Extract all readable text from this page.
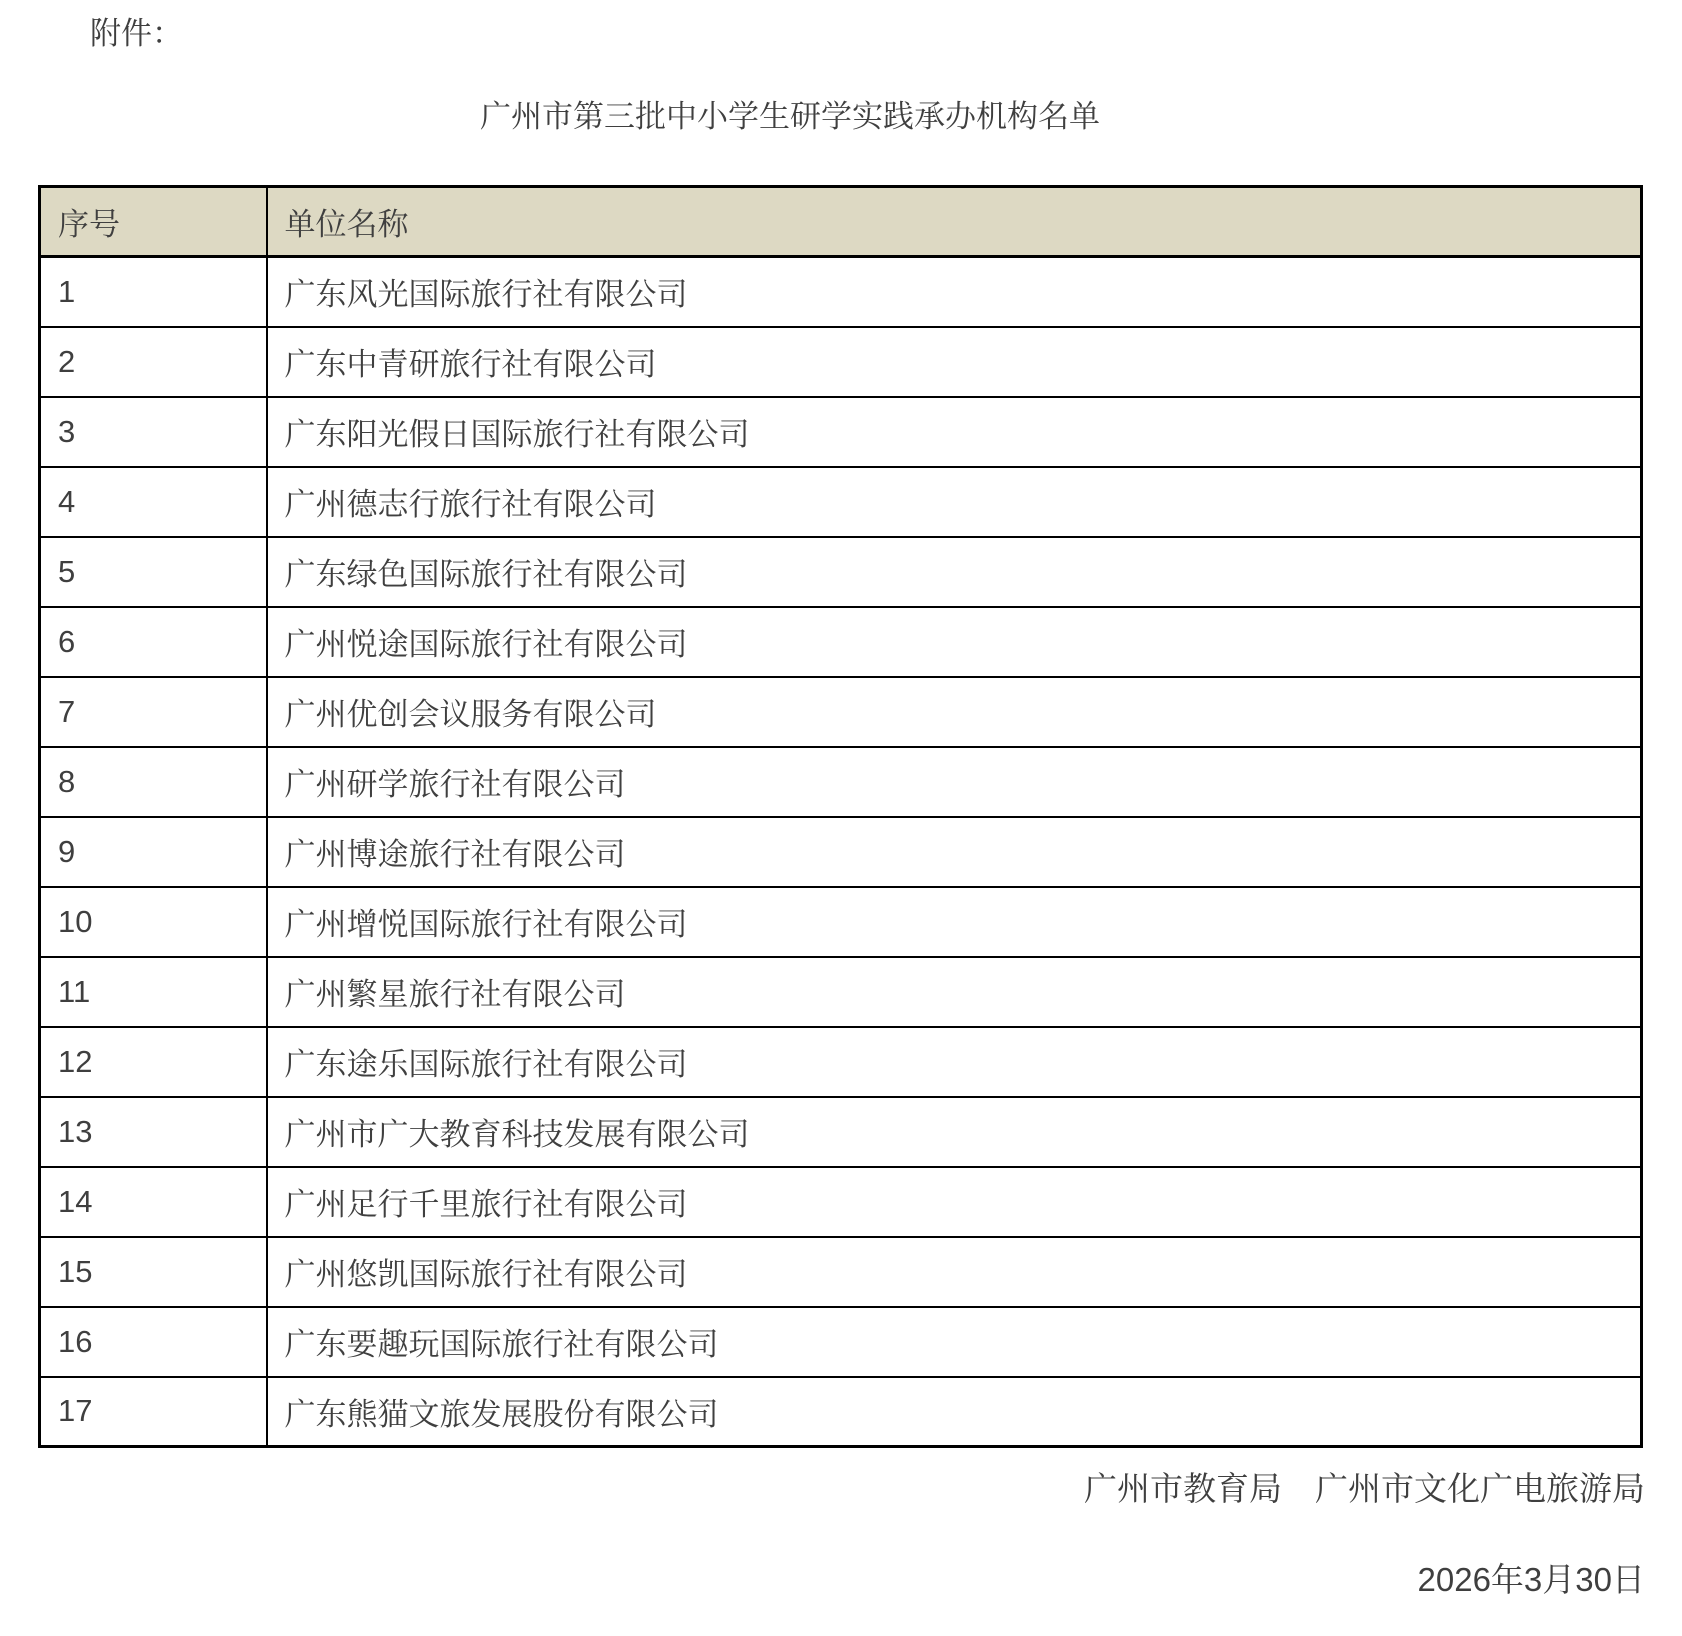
附件：
广州市第三批中小学生研学实践承办机构名单
序号	单位名称
1	广东风光国际旅行社有限公司
2	广东中青研旅行社有限公司
3	广东阳光假日国际旅行社有限公司
4	广州德志行旅行社有限公司
5	广东绿色国际旅行社有限公司
6	广州悦途国际旅行社有限公司
7	广州优创会议服务有限公司
8	广州研学旅行社有限公司
9	广州博途旅行社有限公司
10	广州增悦国际旅行社有限公司
11	广州繁星旅行社有限公司
12	广东途乐国际旅行社有限公司
13	广州市广大教育科技发展有限公司
14	广州足行千里旅行社有限公司
15	广州悠凯国际旅行社有限公司
16	广东要趣玩国际旅行社有限公司
17	广东熊猫文旅发展股份有限公司
广州市教育局　广州市文化广电旅游局
2026年3月30日
